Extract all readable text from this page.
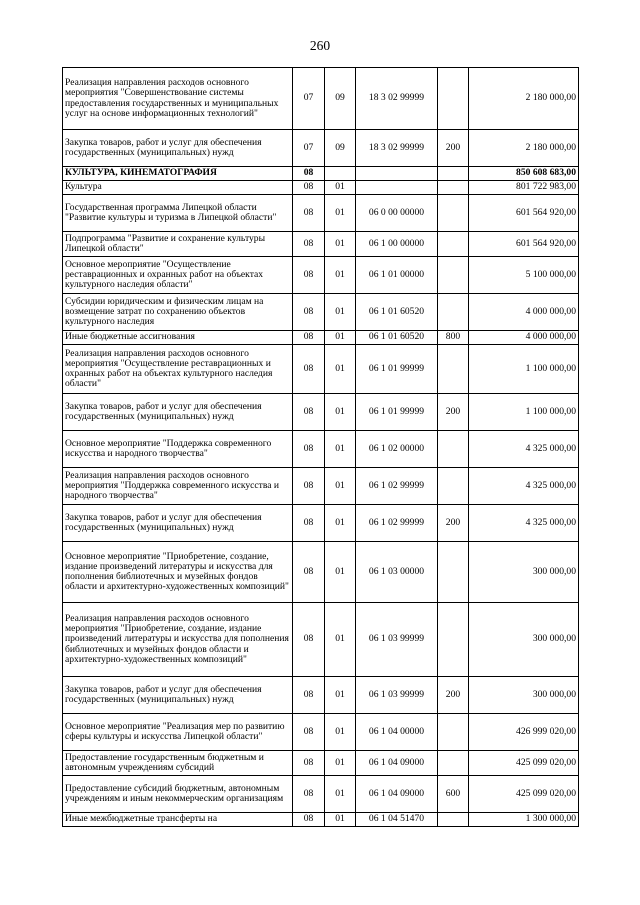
260
Реализация направления расходов основного мероприятия "Совершенствование системы предоставления государственных и муниципальных услуг на основе информационных технологий"	07	09	18 3 02 99999		2 180 000,00
Закупка товаров, работ и услуг для обеспечения государственных (муниципальных) нужд	07	09	18 3 02 99999	200	2 180 000,00
КУЛЬТУРА, КИНЕМАТОГРАФИЯ	08				850 608 683,00
Культура	08	01			801 722 983,00
Государственная программа Липецкой области "Развитие культуры и туризма в Липецкой области"	08	01	06 0 00 00000		601 564 920,00
Подпрограмма "Развитие и сохранение культуры Липецкой области"	08	01	06 1 00 00000		601 564 920,00
Основное мероприятие "Осуществление реставрационных и охранных работ на объектах культурного наследия области"	08	01	06 1 01 00000		5 100 000,00
Субсидии юридическим и физическим лицам на возмещение затрат по сохранению объектов культурного наследия	08	01	06 1 01 60520		4 000 000,00
Иные бюджетные ассигнования	08	01	06 1 01 60520	800	4 000 000,00
Реализация направления расходов основного мероприятия "Осуществление реставрационных и охранных работ на объектах культурного наследия области"	08	01	06 1 01 99999		1 100 000,00
Закупка товаров, работ и услуг для обеспечения государственных (муниципальных) нужд	08	01	06 1 01 99999	200	1 100 000,00
Основное мероприятие "Поддержка современного искусства и народного творчества"	08	01	06 1 02 00000		4 325 000,00
Реализация направления расходов основного мероприятия "Поддержка современного искусства и народного творчества"	08	01	06 1 02 99999		4 325 000,00
Закупка товаров, работ и услуг для обеспечения государственных (муниципальных) нужд	08	01	06 1 02 99999	200	4 325 000,00
Основное мероприятие "Приобретение, создание, издание произведений литературы и искусства для пополнения библиотечных и музейных фондов области и архитектурно-художественных композиций"	08	01	06 1 03 00000		300 000,00
Реализация направления расходов основного мероприятия "Приобретение, создание, издание произведений литературы и искусства для пополнения библиотечных и музейных фондов области и архитектурно-художественных композиций"	08	01	06 1 03 99999		300 000,00
Закупка товаров, работ и услуг для обеспечения государственных (муниципальных) нужд	08	01	06 1 03 99999	200	300 000,00
Основное мероприятие "Реализация мер по развитию сферы культуры и искусства Липецкой области"	08	01	06 1 04 00000		426 999 020,00
Предоставление государственным бюджетным и автономным учреждениям субсидий	08	01	06 1 04 09000		425 099 020,00
Предоставление субсидий бюджетным, автономным учреждениям и иным некоммерческим организациям	08	01	06 1 04 09000	600	425 099 020,00
Иные межбюджетные трансферты на	08	01	06 1 04 51470		1 300 000,00
